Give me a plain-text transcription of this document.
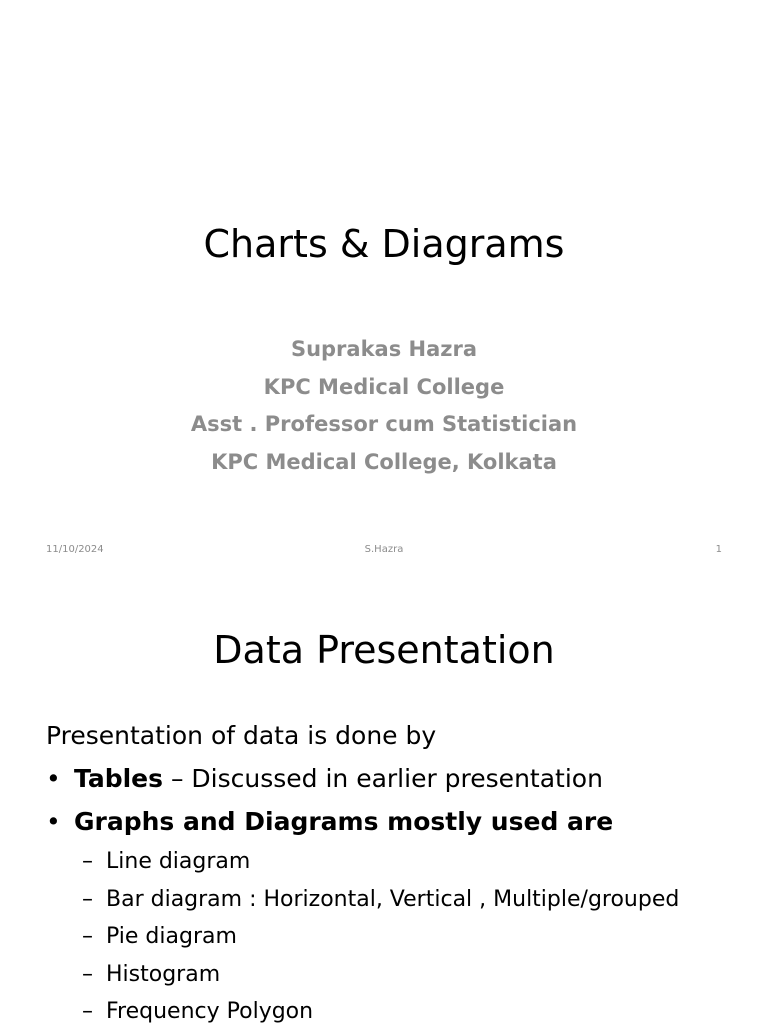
Charts & Diagrams
Suprakas Hazra
KPC Medical College
Asst . Professor cum Statistician
KPC Medical College, Kolkata
11/10/2024	S.Hazra	1
Data Presentation
Presentation of data is done by
• Tables – Discussed in earlier presentation
• Graphs and Diagrams mostly used are
– Line diagram
– Bar diagram : Horizontal, Vertical , Multiple/grouped
– Pie diagram
– Histogram
– Frequency Polygon
